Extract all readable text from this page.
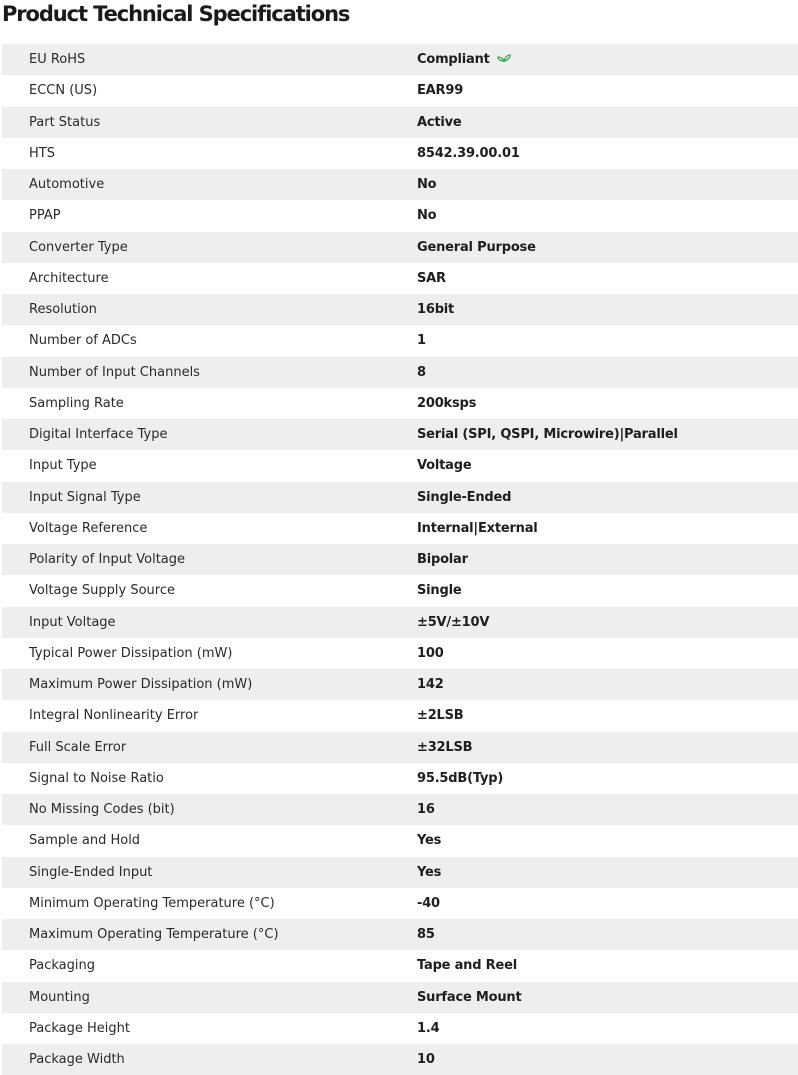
Product Technical Specifications
EU RoHS	Compliant
ECCN (US)	EAR99
Part Status	Active
HTS	8542.39.00.01
Automotive	No
PPAP	No
Converter Type	General Purpose
Architecture	SAR
Resolution	16bit
Number of ADCs	1
Number of Input Channels	8
Sampling Rate	200ksps
Digital Interface Type	Serial (SPI, QSPI, Microwire)|Parallel
Input Type	Voltage
Input Signal Type	Single-Ended
Voltage Reference	Internal|External
Polarity of Input Voltage	Bipolar
Voltage Supply Source	Single
Input Voltage	±5V/±10V
Typical Power Dissipation (mW)	100
Maximum Power Dissipation (mW)	142
Integral Nonlinearity Error	±2LSB
Full Scale Error	±32LSB
Signal to Noise Ratio	95.5dB(Typ)
No Missing Codes (bit)	16
Sample and Hold	Yes
Single-Ended Input	Yes
Minimum Operating Temperature (°C)	-40
Maximum Operating Temperature (°C)	85
Packaging	Tape and Reel
Mounting	Surface Mount
Package Height	1.4
Package Width	10
